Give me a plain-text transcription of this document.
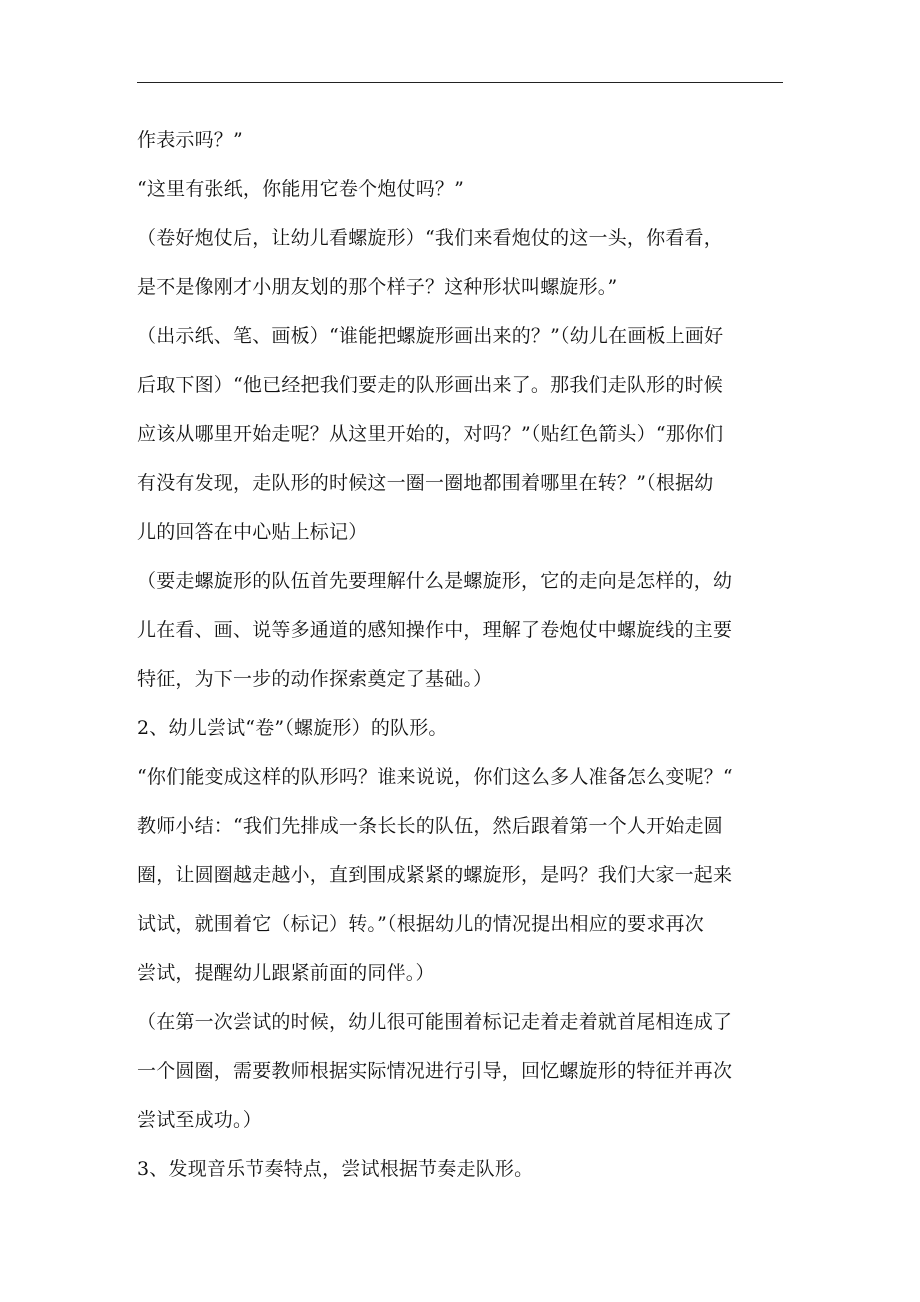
作表示吗？”

“这里有张纸，你能用它卷个炮仗吗？”

（卷好炮仗后，让幼儿看螺旋形）“我们来看炮仗的这一头，你看看，
是不是像刚才小朋友划的那个样子？这种形状叫螺旋形。”

（出示纸、笔、画板）“谁能把螺旋形画出来的？”（幼儿在画板上画好
后取下图）“他已经把我们要走的队形画出来了。那我们走队形的时候
应该从哪里开始走呢？从这里开始的，对吗？”（贴红色箭头）“那你们
有没有发现，走队形的时候这一圈一圈地都围着哪里在转？”（根据幼
儿的回答在中心贴上标记）

（要走螺旋形的队伍首先要理解什么是螺旋形，它的走向是怎样的，幼
儿在看、画、说等多通道的感知操作中，理解了卷炮仗中螺旋线的主要
特征，为下一步的动作探索奠定了基础。）

2、幼儿尝试“卷”（螺旋形）的队形。

“你们能变成这样的队形吗？谁来说说，你们这么多人准备怎么变呢？“
教师小结：“我们先排成一条长长的队伍，然后跟着第一个人开始走圆
圈，让圆圈越走越小，直到围成紧紧的螺旋形，是吗？我们大家一起来
试试，就围着它（标记）转。”（根据幼儿的情况提出相应的要求再次
尝试，提醒幼儿跟紧前面的同伴。）

（在第一次尝试的时候，幼儿很可能围着标记走着走着就首尾相连成了
一个圆圈，需要教师根据实际情况进行引导，回忆螺旋形的特征并再次
尝试至成功。）

3、发现音乐节奏特点，尝试根据节奏走队形。
